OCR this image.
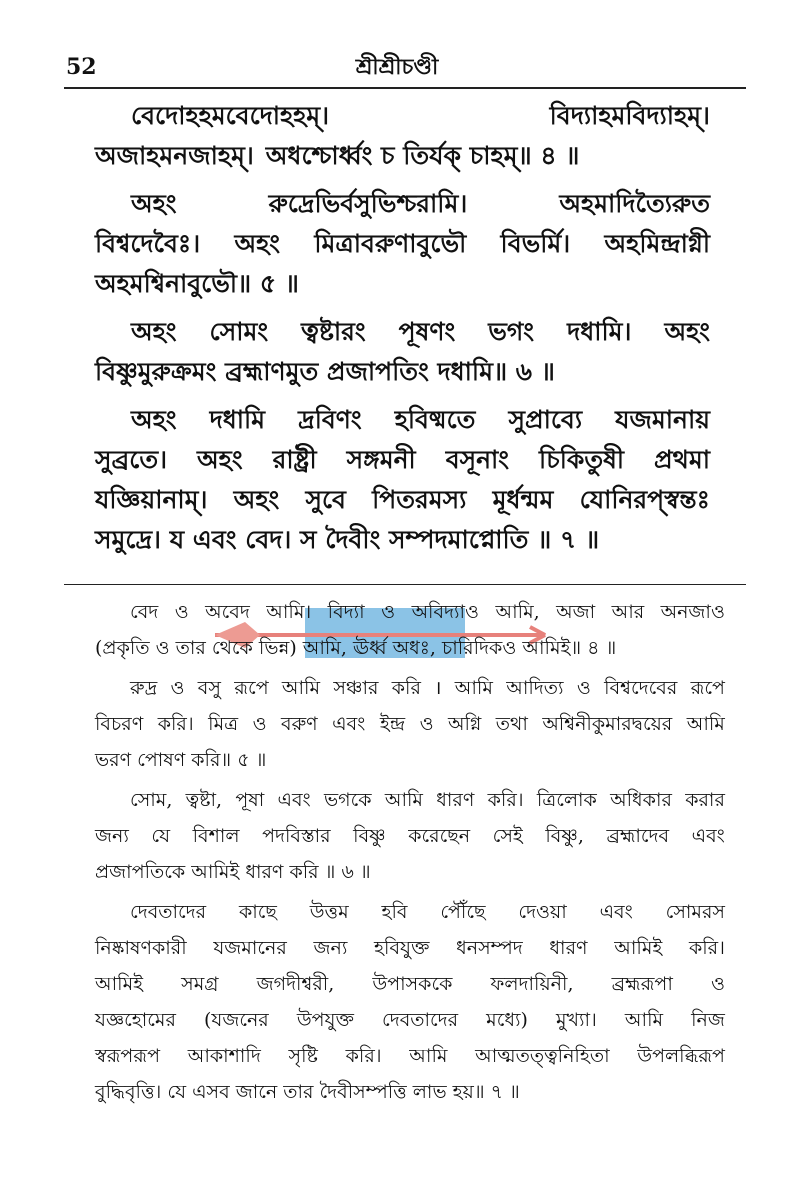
52	শ্রীশ্রীচণ্ডী
বেদোহহমবেদোহহম্।	বিদ্যাহমবিদ্যাহম্।
অজাহমনজাহম্। অধশ্চোর্ধ্বং চ তির্যক্ চাহম্॥ ৪ ॥
অহং	রুদ্রেভির্বসুভিশ্চরামি।	অহমাদিত্যৈরুত
বিশ্বদেবৈঃ। অহং মিত্রাবরুণাবুভৌ বিভর্মি। অহমিন্দ্রাগ্নী
অহমশ্বিনাবুভৌ॥ ৫ ॥
অহং সোমং ত্বষ্টারং পূষণং ভগং দধামি। অহং
বিষ্ণুমুরুক্রমং ব্রহ্মাণমুত প্রজাপতিং দধামি॥ ৬ ॥
অহং দধামি দ্রবিণং হবিষ্মতে সুপ্রাব্যে যজমানায়
সুব্রতে। অহং রাষ্ট্রী সঙ্গমনী বসূনাং চিকিতুষী প্রথমা
যজ্ঞিয়ানাম্। অহং সুবে পিতরমস্য মূর্ধন্মম যোনিরপ্স্বন্তঃ
সমুদ্রে। য এবং বেদ। স দৈবীং সম্পদমাপ্নোতি ॥ ৭ ॥
বেদ ও অবেদ আমি। বিদ্যা ও অবিদ্যাও আমি, অজা আর অনজাও
(প্রকৃতি ও তার থেকে ভিন্ন) আমি, ঊর্ধ্ব অধঃ, চারিদিকও আমিই॥ ৪ ॥
রুদ্র ও বসু রূপে আমি সঞ্চার করি । আমি আদিত্য ও বিশ্বদেবের রূপে
বিচরণ করি। মিত্র ও বরুণ এবং ইন্দ্র ও অগ্নি তথা অশ্বিনীকুমারদ্বয়ের আমি
ভরণ পোষণ করি॥ ৫ ॥
সোম, ত্বষ্টা, পূষা এবং ভগকে আমি ধারণ করি। ত্রিলোক অধিকার করার
জন্য যে বিশাল পদবিস্তার বিষ্ণু করেছেন সেই বিষ্ণু, ব্রহ্মাদেব এবং
প্রজাপতিকে আমিই ধারণ করি ॥ ৬ ॥
দেবতাদের কাছে উত্তম হবি পৌঁছে দেওয়া এবং সোমরস
নিষ্কাষণকারী যজমানের জন্য হবিযুক্ত ধনসম্পদ ধারণ আমিই করি।
আমিই সমগ্র জগদীশ্বরী, উপাসককে ফলদায়িনী, ব্রহ্মরূপা ও
যজ্ঞহোমের (যজনের উপযুক্ত দেবতাদের মধ্যে) মুখ্যা। আমি নিজ
স্বরূপরূপ আকাশাদি সৃষ্টি করি। আমি আত্মতত্ত্বনিহিতা উপলব্ধিরূপ
বুদ্ধিবৃত্তি। যে এসব জানে তার দৈবীসম্পত্তি লাভ হয়॥ ৭ ॥
